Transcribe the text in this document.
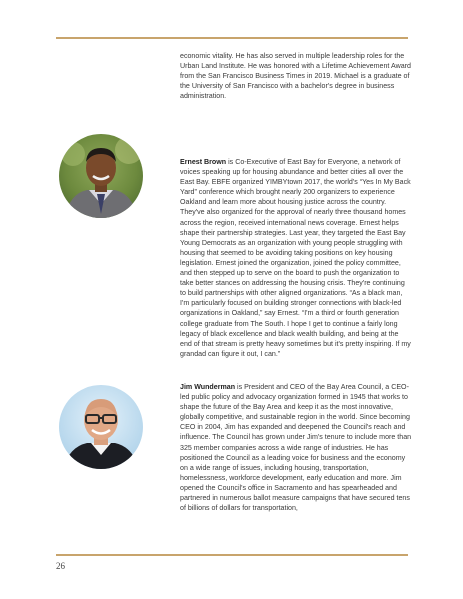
economic vitality. He has also served in multiple leadership roles for the Urban Land Institute. He was honored with a Lifetime Achievement Award from the San Francisco Business Times in 2019. Michael is a graduate of the University of San Francisco with a bachelor's degree in business administration.

Ernest Brown is Co-Executive of East Bay for Everyone, a network of voices speaking up for housing abundance and better cities all over the East Bay. EBFE organized YIMBYtown 2017, the world's “Yes In My Back Yard” conference which brought nearly 200 organizers to experience Oakland and learn more about housing justice across the country. They've also organized for the approval of nearly three thousand homes across the region, received international news coverage. Ernest helps shape their partnership strategies. Last year, they targeted the East Bay Young Democrats as an organization with young people struggling with housing that seemed to be avoiding taking positions on key housing legislation. Ernest joined the organization, joined the policy committee, and then stepped up to serve on the board to push the organization to take better stances on addressing the housing crisis. They're continuing to build partnerships with other aligned organizations. “As a black man, I'm particularly focused on building stronger connections with black-led organizations in Oakland,” say Ernest. “I'm a third or fourth generation college graduate from The South. I hope I get to continue a fairly long legacy of black excellence and black wealth building, and being at the end of that stream is pretty heavy sometimes but it's pretty inspiring. If my grandad can figure it out, I can.”

Jim Wunderman is President and CEO of the Bay Area Council, a CEO-led public policy and advocacy organization formed in 1945 that works to shape the future of the Bay Area and keep it as the most innovative, globally competitive, and sustainable region in the world. Since becoming CEO in 2004, Jim has expanded and deepened the Council's reach and influence. The Council has grown under Jim's tenure to include more than 325 member companies across a wide range of industries. He has positioned the Council as a leading voice for business and the economy on a wide range of issues, including housing, transportation, homelessness, workforce development, early education and more. Jim opened the Council's office in Sacramento and has spearheaded and partnered in numerous ballot measure campaigns that have secured tens of billions of dollars for transportation,

26
